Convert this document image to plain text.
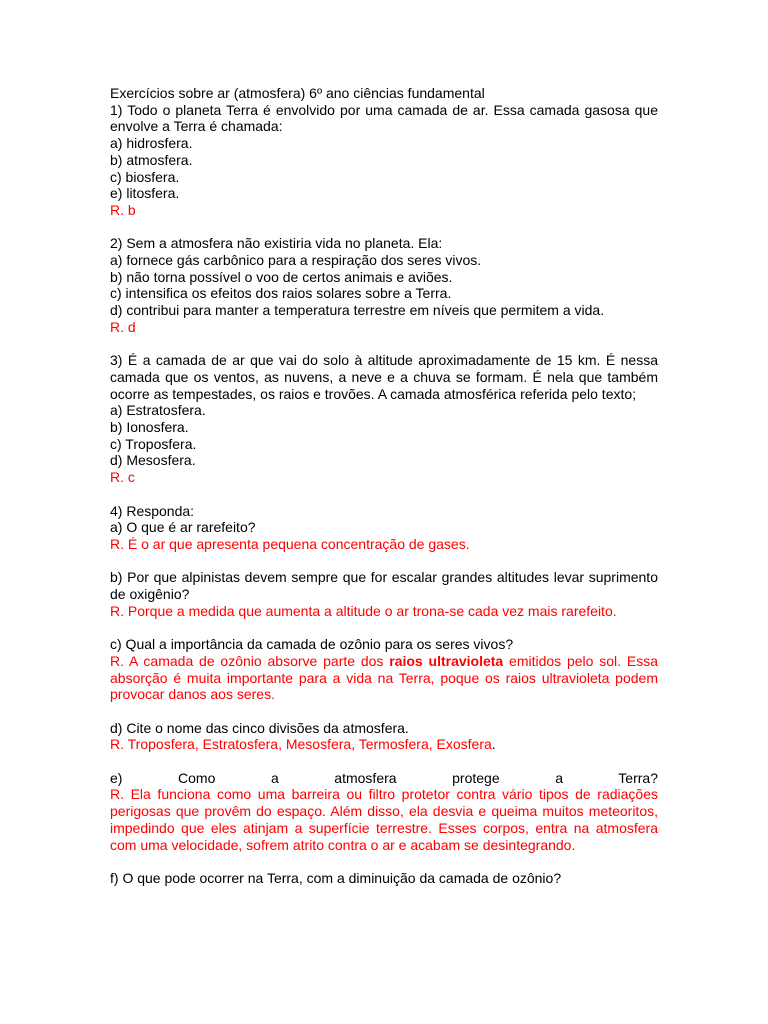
Exercícios sobre ar (atmosfera) 6º ano ciências fundamental

1) Todo o planeta Terra é envolvido por uma camada de ar. Essa camada gasosa que envolve a Terra é chamada:

a) hidrosfera.

b) atmosfera.

c) biosfera.

e) litosfera.

R. b

2) Sem a atmosfera não existiria vida no planeta. Ela:

a) fornece gás carbônico para a respiração dos seres vivos.

b) não torna possível o voo de certos animais e aviões.

c) intensifica os efeitos dos raios solares sobre a Terra.

d) contribui para manter a temperatura terrestre em níveis que permitem a vida.

R. d

3) É a camada de ar que vai do solo à altitude aproximadamente de 15 km. É nessa camada que os ventos, as nuvens, a neve e a chuva se formam. É nela que também ocorre as tempestades, os raios e trovões. A camada atmosférica referida pelo texto;

a) Estratosfera.

b) Ionosfera.

c) Troposfera.

d) Mesosfera.

R. c

4) Responda:

a) O que é ar rarefeito?

R. É o ar que apresenta pequena concentração de gases.

b) Por que alpinistas devem sempre que for escalar grandes altitudes levar suprimento de oxigênio?

R. Porque a medida que aumenta a altitude o ar trona-se cada vez mais rarefeito.

c) Qual a importância da camada de ozônio para os seres vivos?

R. A camada de ozônio absorve parte dos raios ultravioleta emitidos pelo sol. Essa absorção é muita importante para a vida na Terra, poque os raios ultravioleta podem provocar danos aos seres.

d) Cite o nome das cinco divisões da atmosfera.

R. Troposfera, Estratosfera, Mesosfera, Termosfera, Exosfera.

e) Como a atmosfera protege a Terra?

R. Ela funciona como uma barreira ou filtro protetor contra vário tipos de radiações perigosas que provêm do espaço. Além disso, ela desvia e queima muitos meteoritos, impedindo que eles atinjam a superfície terrestre. Esses corpos, entra na atmosfera com uma velocidade, sofrem atrito contra o ar e acabam se desintegrando.

f) O que pode ocorrer na Terra, com a diminuição da camada de ozônio?
